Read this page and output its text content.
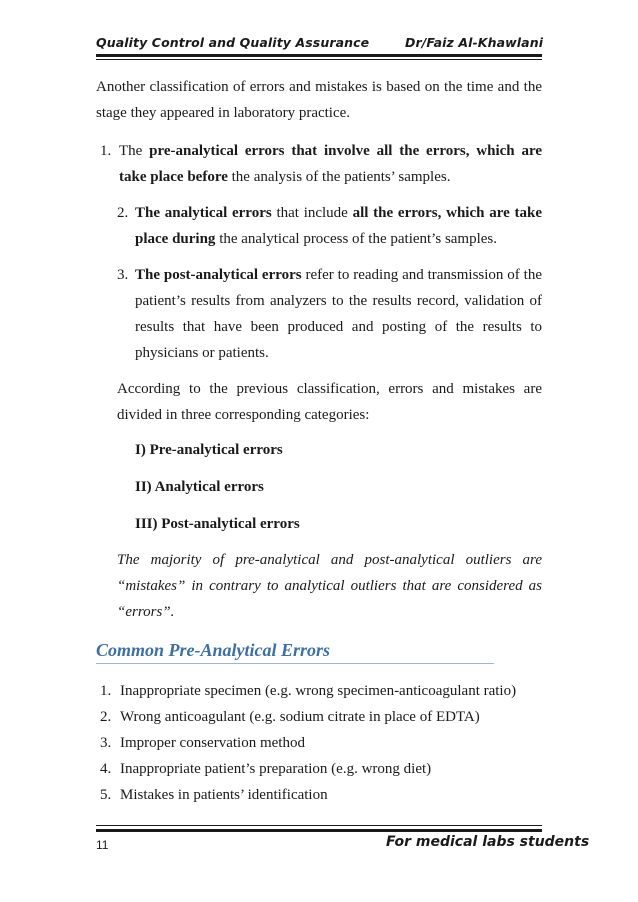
Quality Control and Quality Assurance	Dr/Faiz Al-Khawlani
Another classification of errors and mistakes is based on the time and the stage they appeared in laboratory practice.
1. The pre-analytical errors that involve all the errors, which are take place before the analysis of the patients’ samples.
2. The analytical errors that include all the errors, which are take place during the analytical process of the patient’s samples.
3. The post-analytical errors refer to reading and transmission of the patient’s results from analyzers to the results record, validation of results that have been produced and posting of the results to physicians or patients.
According to the previous classification, errors and mistakes are divided in three corresponding categories:
I) Pre-analytical errors
II) Analytical errors
III) Post-analytical errors
The majority of pre-analytical and post-analytical outliers are “mistakes” in contrary to analytical outliers that are considered as “errors”.
Common Pre-Analytical Errors
1. Inappropriate specimen (e.g. wrong specimen-anticoagulant ratio)
2. Wrong anticoagulant (e.g. sodium citrate in place of EDTA)
3. Improper conservation method
4. Inappropriate patient’s preparation (e.g. wrong diet)
5. Mistakes in patients’ identification
11	For medical labs students
